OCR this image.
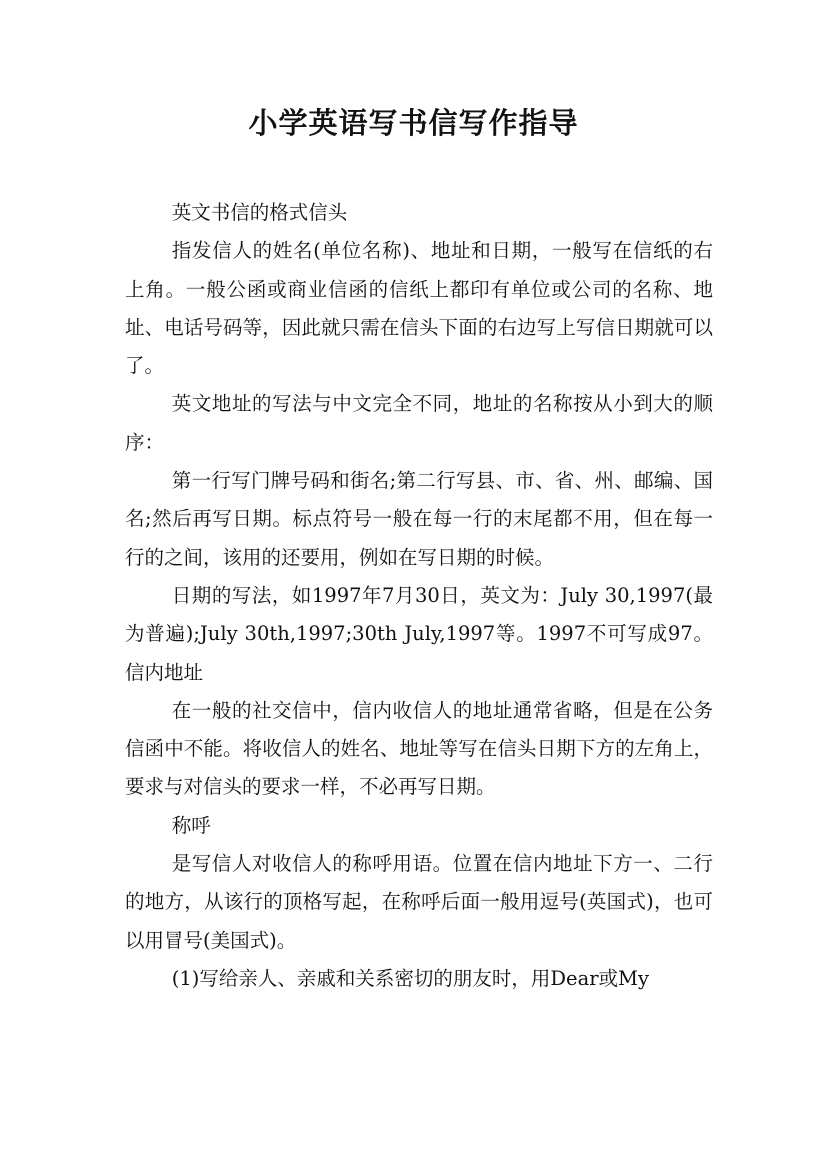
小学英语写书信写作指导

英文书信的格式信头

指发信人的姓名(单位名称)、地址和日期，一般写在信纸的右上角。一般公函或商业信函的信纸上都印有单位或公司的名称、地址、电话号码等，因此就只需在信头下面的右边写上写信日期就可以了。

英文地址的写法与中文完全不同，地址的名称按从小到大的顺序：

第一行写门牌号码和街名;第二行写县、市、省、州、邮编、国名;然后再写日期。标点符号一般在每一行的末尾都不用，但在每一行的之间，该用的还要用，例如在写日期的时候。

日期的写法，如1997年7月30日，英文为：July 30,1997(最为普遍);July 30th,1997;30th July,1997等。1997不可写成97。信内地址

在一般的社交信中，信内收信人的地址通常省略，但是在公务信函中不能。将收信人的姓名、地址等写在信头日期下方的左角上，要求与对信头的要求一样，不必再写日期。

称呼

是写信人对收信人的称呼用语。位置在信内地址下方一、二行的地方，从该行的顶格写起，在称呼后面一般用逗号(英国式)，也可以用冒号(美国式)。

(1)写给亲人、亲戚和关系密切的朋友时，用Dear或My
